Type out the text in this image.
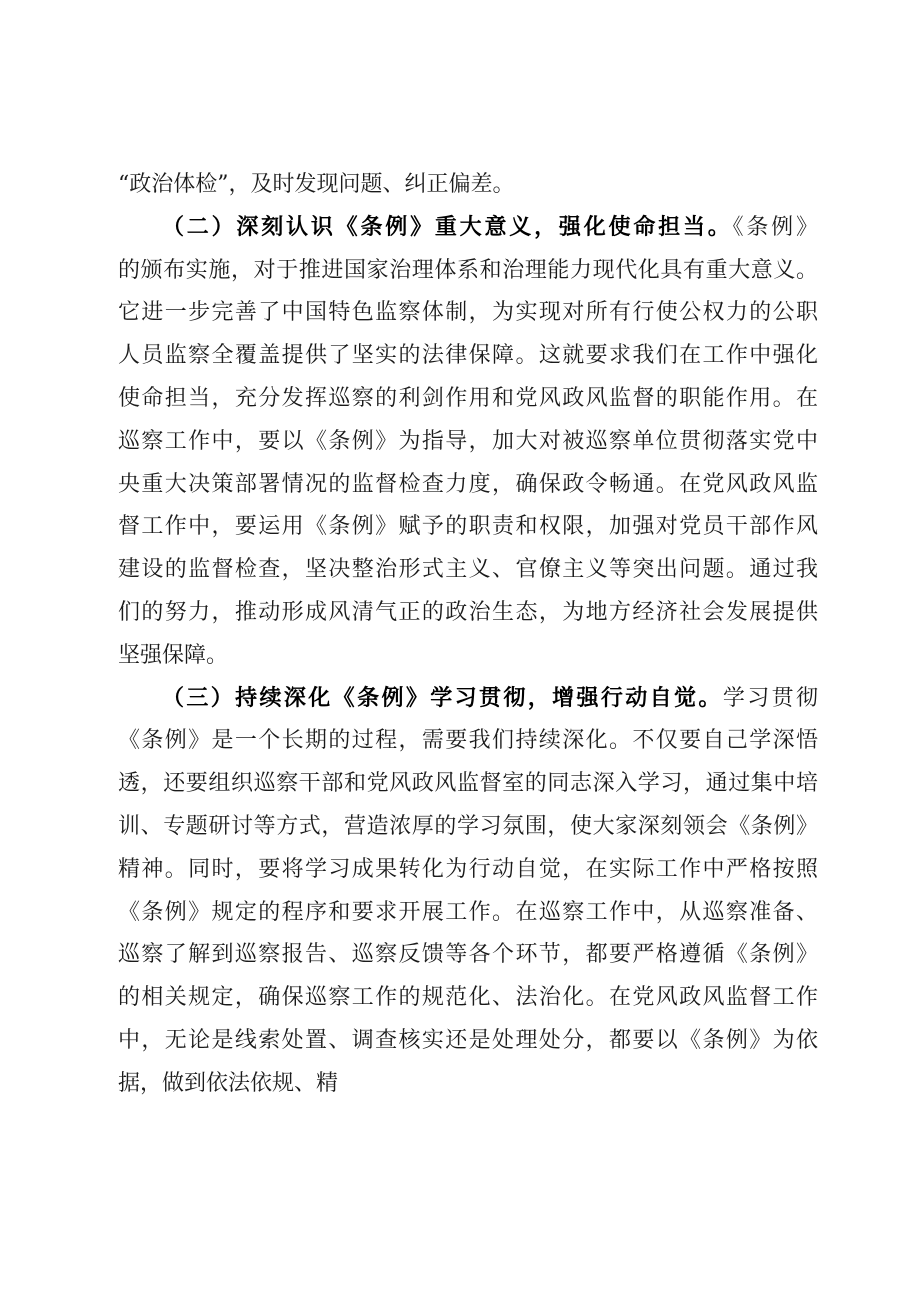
“政治体检”，及时发现问题、纠正偏差。
（二）深刻认识《条例》重大意义，强化使命担当。《条例》
的颁布实施，对于推进国家治理体系和治理能力现代化具有重大意义。
它进一步完善了中国特色监察体制，为实现对所有行使公权力的公职
人员监察全覆盖提供了坚实的法律保障。这就要求我们在工作中强化
使命担当，充分发挥巡察的利剑作用和党风政风监督的职能作用。在
巡察工作中，要以《条例》为指导，加大对被巡察单位贯彻落实党中
央重大决策部署情况的监督检查力度，确保政令畅通。在党风政风监
督工作中，要运用《条例》赋予的职责和权限，加强对党员干部作风
建设的监督检查，坚决整治形式主义、官僚主义等突出问题。通过我
们的努力，推动形成风清气正的政治生态，为地方经济社会发展提供
坚强保障。
（三）持续深化《条例》学习贯彻，增强行动自觉。学习贯彻
《条例》是一个长期的过程，需要我们持续深化。不仅要自己学深悟
透，还要组织巡察干部和党风政风监督室的同志深入学习，通过集中培
训、专题研讨等方式，营造浓厚的学习氛围，使大家深刻领会《条例》
精神。同时，要将学习成果转化为行动自觉，在实际工作中严格按照
《条例》规定的程序和要求开展工作。在巡察工作中，从巡察准备、
巡察了解到巡察报告、巡察反馈等各个环节，都要严格遵循《条例》
的相关规定，确保巡察工作的规范化、法治化。在党风政风监督工作
中，无论是线索处置、调查核实还是处理处分，都要以《条例》为依
据，做到依法依规、精
